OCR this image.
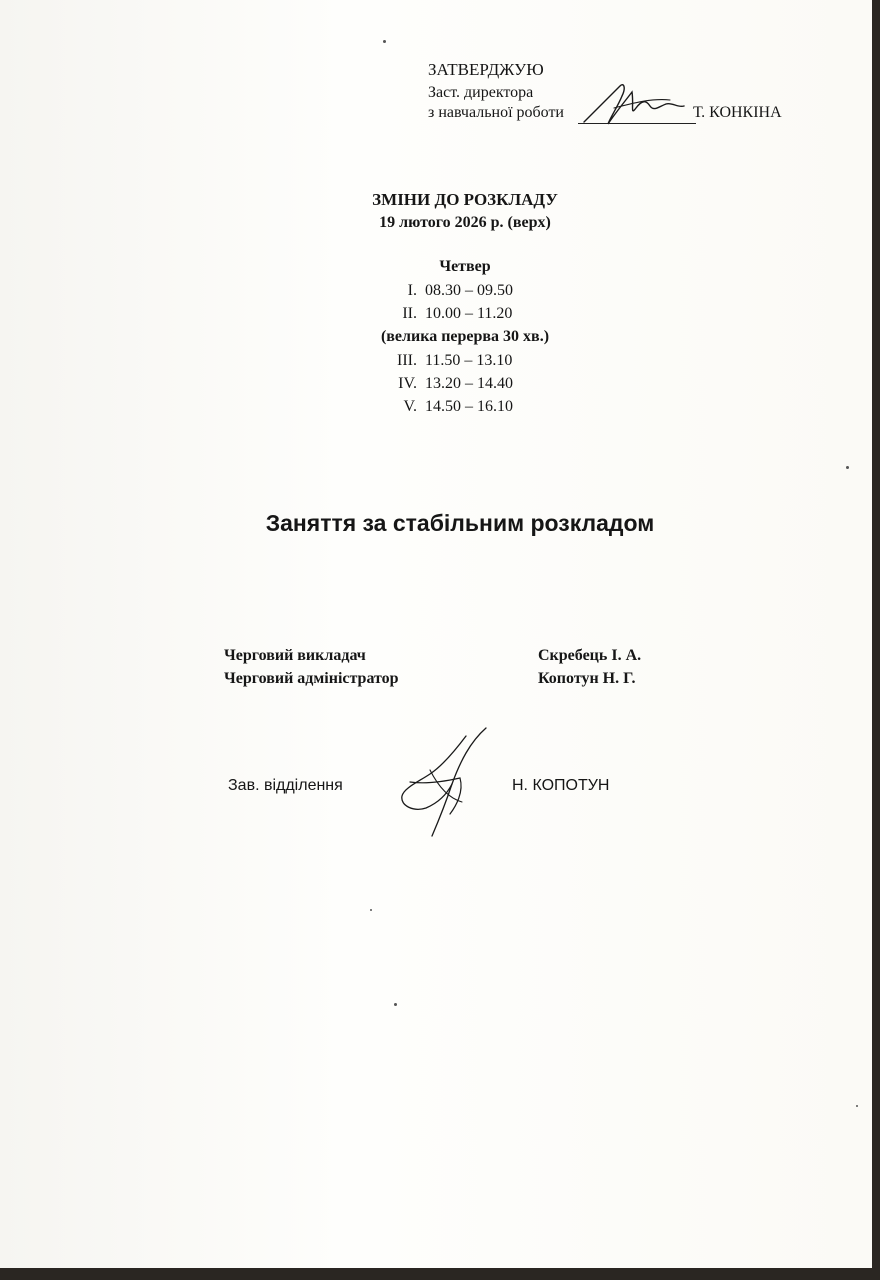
ЗАТВЕРДЖУЮ
Заст. директора
з навчальної роботи	Т. КОНКІНА
ЗМІНИ ДО РОЗКЛАДУ
19 лютого 2026 р. (верх)
Четвер
I. 08.30 – 09.50
II. 10.00 – 11.20
(велика перерва 30 хв.)
III. 11.50 – 13.10
IV. 13.20 – 14.40
V. 14.50 – 16.10
Заняття за стабільним розкладом
Черговий викладач	Скребець І. А.
Черговий адміністратор	Копотун Н. Г.
Зав. відділення	Н. КОПОТУН
